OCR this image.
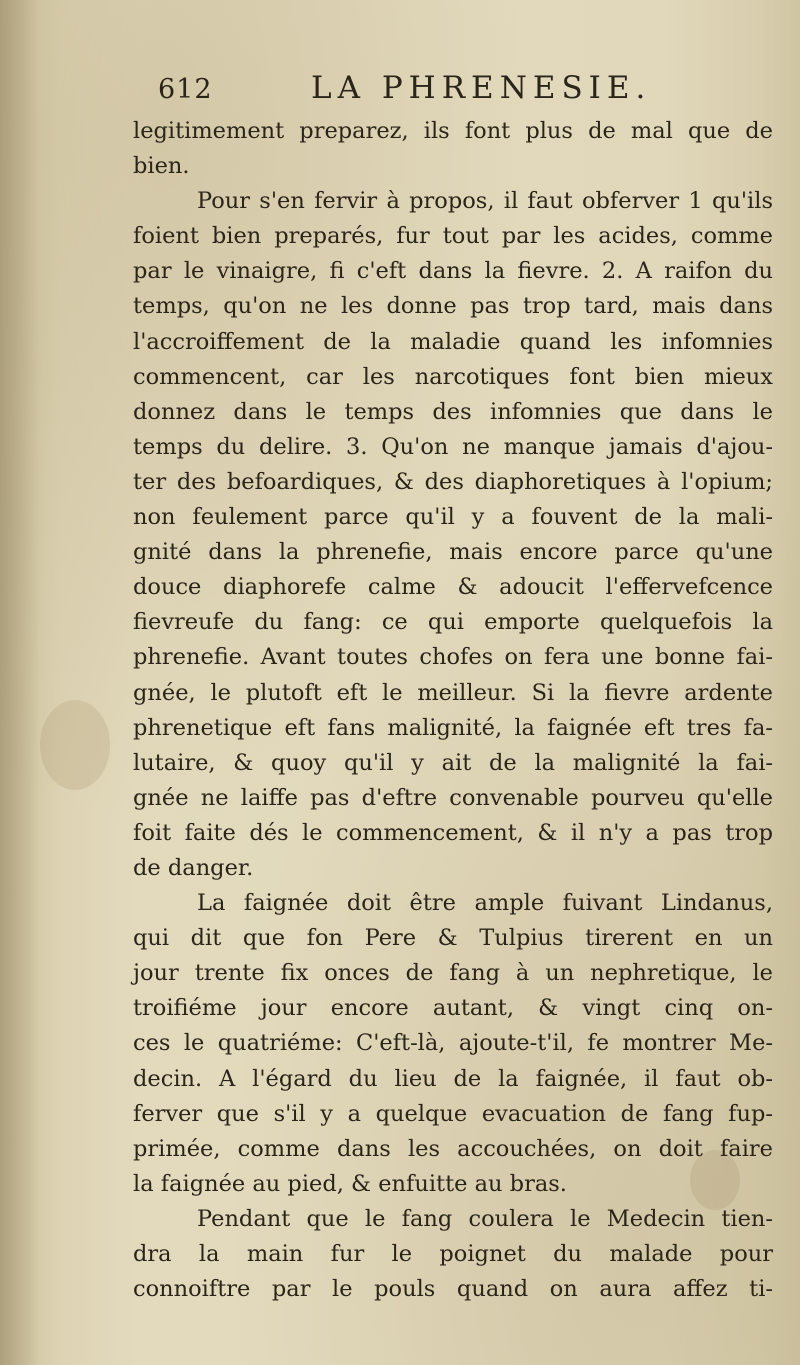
612	LA PHRENESIE.
legitimement preparez, ils font plus de mal que de
bien.
Pour s'en fervir à propos, il faut obferver 1 qu'ils
foient bien preparés, fur tout par les acides, comme
par le vinaigre, fi c'eft dans la fievre. 2. A raifon du
temps, qu'on ne les donne pas trop tard, mais dans
l'accroiffement de la maladie quand les infomnies
commencent, car les narcotiques font bien mieux
donnez dans le temps des infomnies que dans le
temps du delire. 3. Qu'on ne manque jamais d'ajou-
ter des befoardiques, & des diaphoretiques à l'opium;
non feulement parce qu'il y a fouvent de la mali-
gnité dans la phrenefie, mais encore parce qu'une
douce diaphorefe calme & adoucit l'effervefcence
fievreufe du fang: ce qui emporte quelquefois la
phrenefie. Avant toutes chofes on fera une bonne fai-
gnée, le plutoft eft le meilleur. Si la fievre ardente
phrenetique eft fans malignité, la faignée eft tres fa-
lutaire, & quoy qu'il y ait de la malignité la fai-
gnée ne laiffe pas d'eftre convenable pourveu qu'elle
foit faite dés le commencement, & il n'y a pas trop
de danger.
La faignée doit être ample fuivant Lindanus,
qui dit que fon Pere & Tulpius tirerent en un
jour trente fix onces de fang à un nephretique, le
troifiéme jour encore autant, & vingt cinq on-
ces le quatriéme: C'eft-là, ajoute-t'il, fe montrer Me-
decin. A l'égard du lieu de la faignée, il faut ob-
ferver que s'il y a quelque evacuation de fang fup-
primée, comme dans les accouchées, on doit faire
la faignée au pied, & enfuitte au bras.
Pendant que le fang coulera le Medecin tien-
dra la main fur le poignet du malade pour
connoiftre par le pouls quand on aura affez ti-
